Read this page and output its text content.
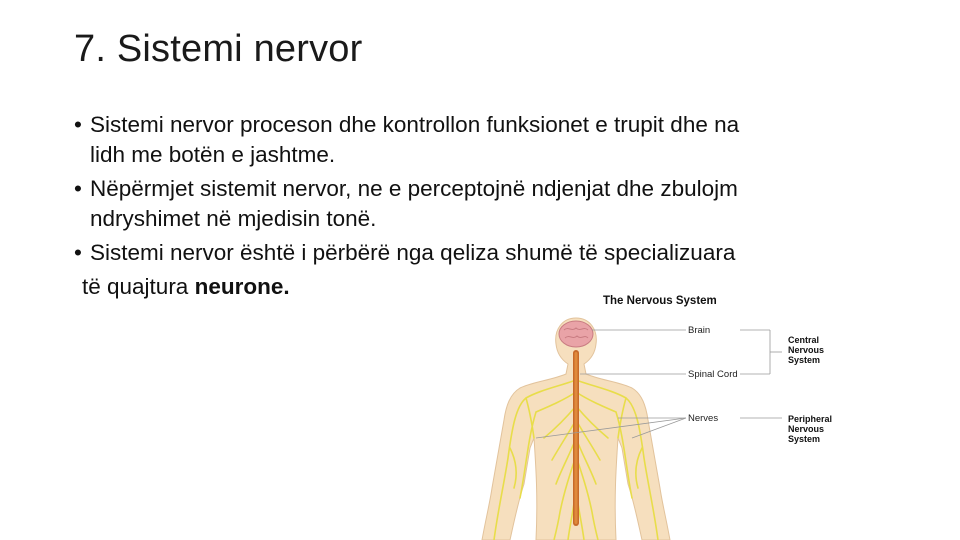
7. Sistemi nervor
• Sistemi nervor proceson dhe kontrollon funksionet e trupit dhe na
lidh me botën e jashtme.
• Nëpërmjet sistemit nervor, ne e perceptojnë ndjenjat dhe zbulojm
ndryshimet në mjedisin tonë.
• Sistemi nervor është i përbërë nga qeliza shumë të specializuara
të quajtura neurone.
The Nervous System
Brain
Spinal Cord
Nerves
Central
Nervous
System
Peripheral
Nervous
System
